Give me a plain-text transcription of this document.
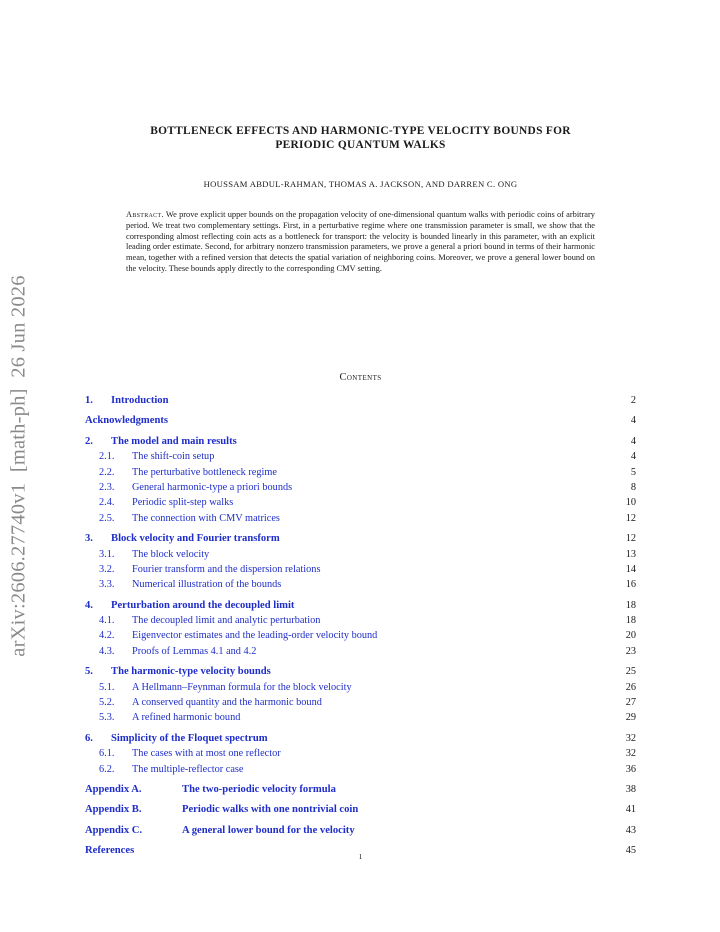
arXiv:2606.27740v1  [math-ph]  26 Jun 2026
BOTTLENECK EFFECTS AND HARMONIC-TYPE VELOCITY BOUNDS FOR
PERIODIC QUANTUM WALKS
HOUSSAM ABDUL-RAHMAN, THOMAS A. JACKSON, AND DARREN C. ONG
Abstract. We prove explicit upper bounds on the propagation velocity of one-dimensional quantum walks with periodic coins of arbitrary period. We treat two complementary settings. First, in a perturbative regime where one transmission parameter is small, we show that the corresponding almost reflecting coin acts as a bottleneck for transport: the velocity is bounded linearly in this parameter, with an explicit leading order estimate. Second, for arbitrary nonzero transmission parameters, we prove a general a priori bound in terms of their harmonic mean, together with a refined version that detects the spatial variation of neighboring coins. Moreover, we prove a general lower bound on the velocity. These bounds apply directly to the corresponding CMV setting.
Contents
1.	Introduction	2
Acknowledgments	4
2.	The model and main results	4
2.1.	The shift-coin setup	4
2.2.	The perturbative bottleneck regime	5
2.3.	General harmonic-type a priori bounds	8
2.4.	Periodic split-step walks	10
2.5.	The connection with CMV matrices	12
3.	Block velocity and Fourier transform	12
3.1.	The block velocity	13
3.2.	Fourier transform and the dispersion relations	14
3.3.	Numerical illustration of the bounds	16
4.	Perturbation around the decoupled limit	18
4.1.	The decoupled limit and analytic perturbation	18
4.2.	Eigenvector estimates and the leading-order velocity bound	20
4.3.	Proofs of Lemmas 4.1 and 4.2	23
5.	The harmonic-type velocity bounds	25
5.1.	A Hellmann–Feynman formula for the block velocity	26
5.2.	A conserved quantity and the harmonic bound	27
5.3.	A refined harmonic bound	29
6.	Simplicity of the Floquet spectrum	32
6.1.	The cases with at most one reflector	32
6.2.	The multiple-reflector case	36
Appendix A.	The two-periodic velocity formula	38
Appendix B.	Periodic walks with one nontrivial coin	41
Appendix C.	A general lower bound for the velocity	43
References	45
1
